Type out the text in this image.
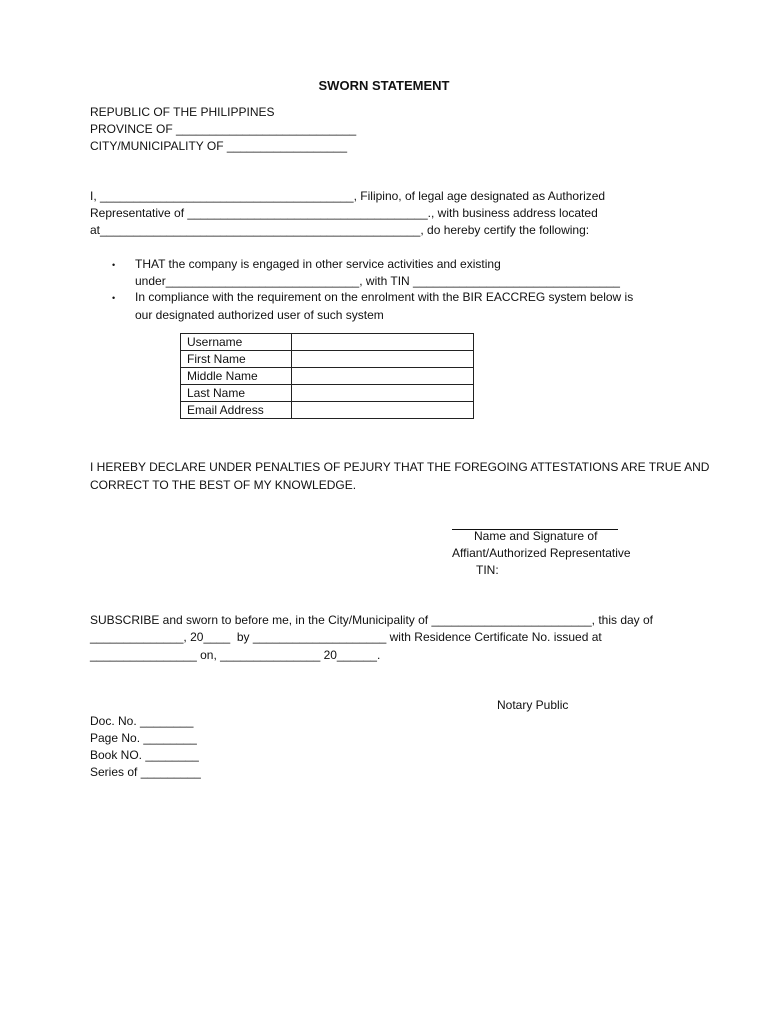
SWORN STATEMENT
REPUBLIC OF THE PHILIPPINES
PROVINCE OF ___________________________
CITY/MUNICIPALITY OF __________________
I, ______________________________________, Filipino, of legal age designated as Authorized
Representative of ____________________________________., with business address located
at________________________________________________, do hereby certify the following:
• THAT the company is engaged in other service activities and existing
under_____________________________, with TIN _______________________________
• In compliance with the requirement on the enrolment with the BIR EACCREG system below is
our designated authorized user of such system
Username	
First Name	
Middle Name	
Last Name	
Email Address	
I HEREBY DECLARE UNDER PENALTIES OF PEJURY THAT THE FOREGOING ATTESTATIONS ARE TRUE AND
CORRECT TO THE BEST OF MY KNOWLEDGE.
Name and Signature of
Affiant/Authorized Representative
TIN:
SUBSCRIBE and sworn to before me, in the City/Municipality of ________________________, this day of
______________, 20____  by ____________________ with Residence Certificate No. issued at
________________ on, _______________ 20______.
Notary Public
Doc. No. ________
Page No. ________
Book NO. ________
Series of _________
